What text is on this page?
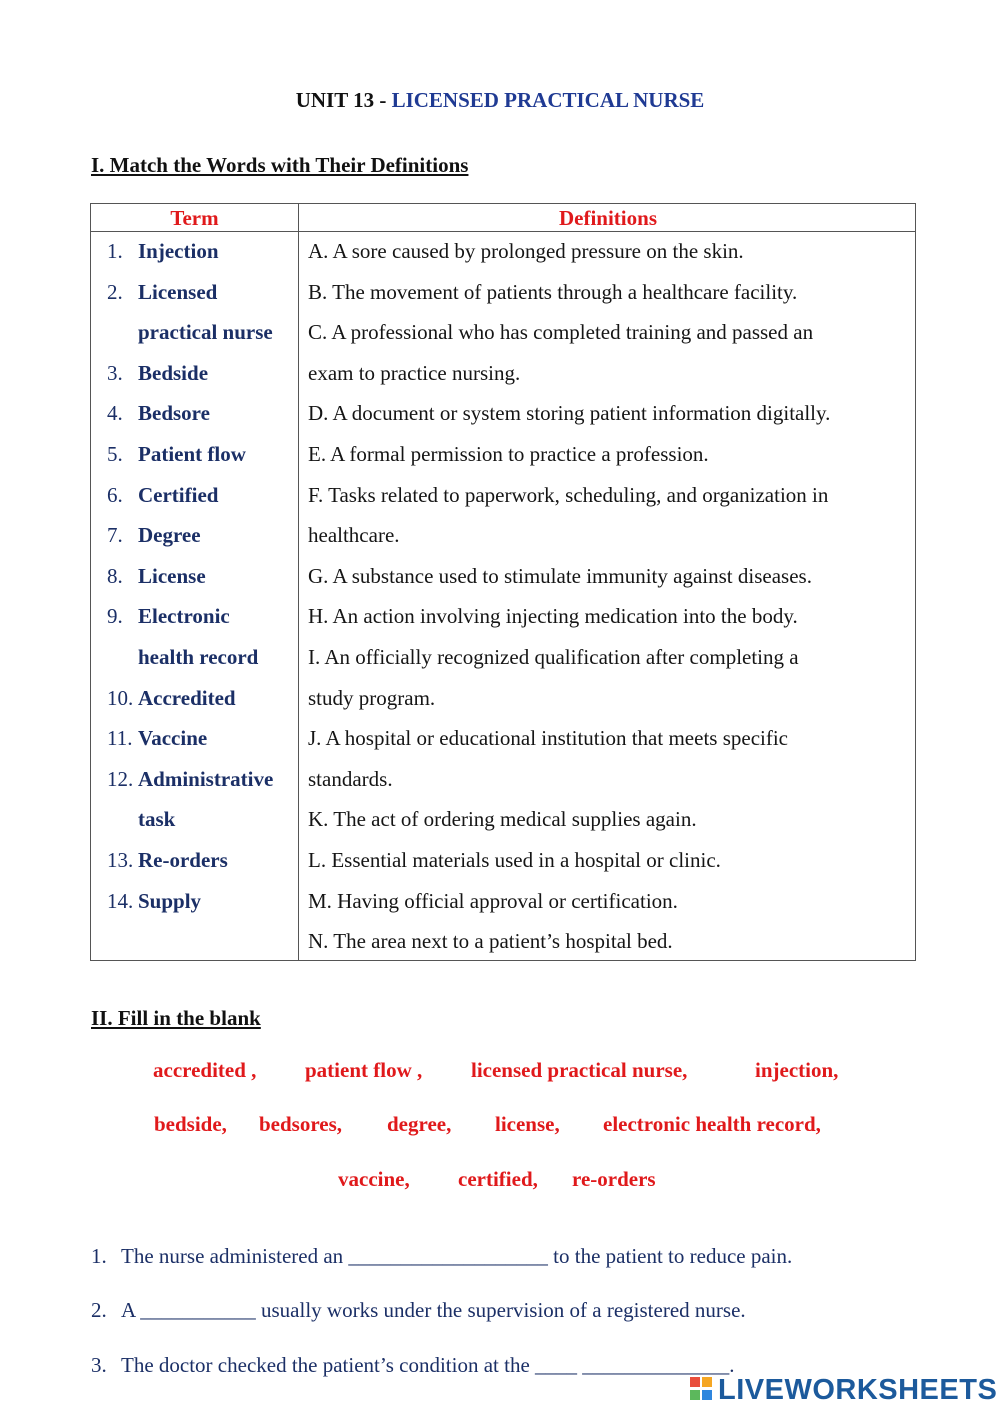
UNIT 13 - LICENSED PRACTICAL NURSE
I. Match the Words with Their Definitions
Term	Definitions
1. Injection
2. Licensed
practical nurse
3. Bedside
4. Bedsore
5. Patient flow
6. Certified
7. Degree
8. License
9. Electronic
health record
10. Accredited
11. Vaccine
12. Administrative
task
13. Re-orders
14. Supply
A. A sore caused by prolonged pressure on the skin.
B. The movement of patients through a healthcare facility.
C. A professional who has completed training and passed an
exam to practice nursing.
D. A document or system storing patient information digitally.
E. A formal permission to practice a profession.
F. Tasks related to paperwork, scheduling, and organization in
healthcare.
G. A substance used to stimulate immunity against diseases.
H. An action involving injecting medication into the body.
I. An officially recognized qualification after completing a
study program.
J. A hospital or educational institution that meets specific
standards.
K. The act of ordering medical supplies again.
L. Essential materials used in a hospital or clinic.
M. Having official approval or certification.
N. The area next to a patient’s hospital bed.
II. Fill in the blank
accredited , patient flow , licensed practical nurse,	injection,
bedside, bedsores, degree, license, electronic health record,
vaccine, certified, re-orders
1. The nurse administered an ___________________ to the patient to reduce pain.
2. A ___________ usually works under the supervision of a registered nurse.
3. The doctor checked the patient’s condition at the ____ ______________.
LIVEWORKSHEETS
